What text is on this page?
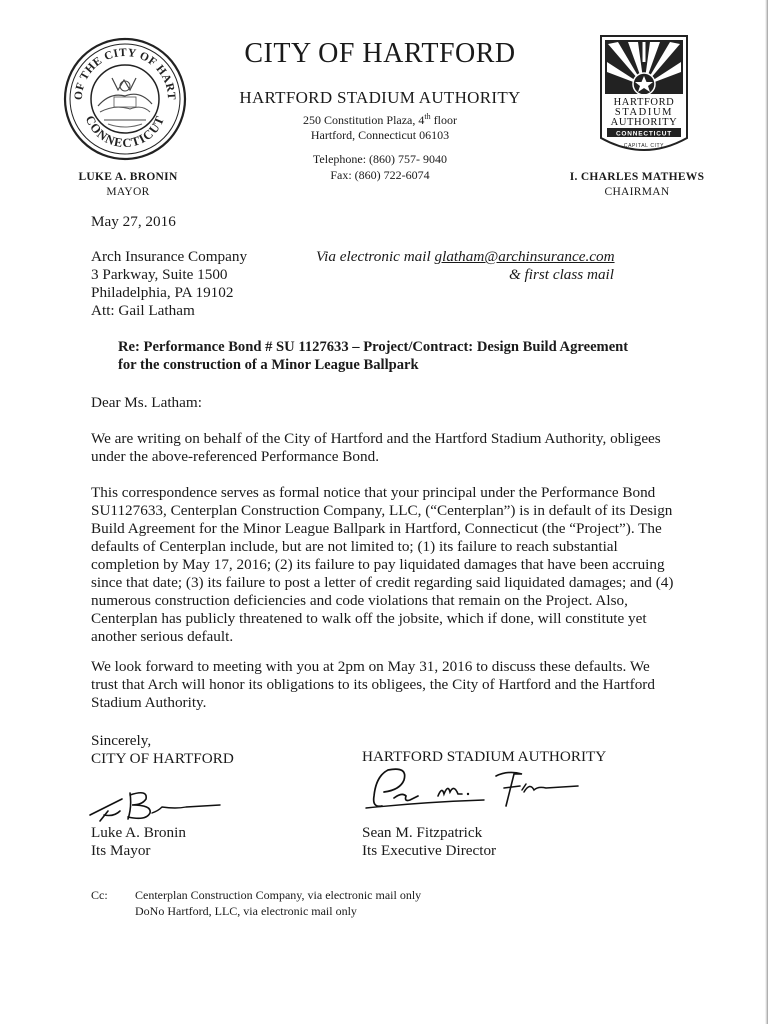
OF THE CITY OF HART
CONNECTICUT
HARTFORD
STADIUM
AUTHORITY
CONNECTICUT
CAPITAL CITY
CITY OF HARTFORD
HARTFORD STADIUM AUTHORITY
250 Constitution Plaza, 4th floor
Hartford, Connecticut 06103
Telephone: (860) 757- 9040
Fax: (860) 722-6074
LUKE A. BRONIN
MAYOR
I. CHARLES MATHEWS
CHAIRMAN
May 27, 2016
Arch Insurance Company
3 Parkway, Suite 1500
Philadelphia, PA 19102
Att: Gail Latham
Via electronic mail glatham@archinsurance.com
& first class mail
Re: Performance Bond # SU 1127633 – Project/Contract: Design Build Agreement
for the construction of a Minor League Ballpark
Dear Ms. Latham:
We are writing on behalf of the City of Hartford and the Hartford Stadium Authority, obligees
under the above-referenced Performance Bond.
This correspondence serves as formal notice that your principal under the Performance Bond
SU1127633, Centerplan Construction Company, LLC, (“Centerplan”) is in default of its Design
Build Agreement for the Minor League Ballpark in Hartford, Connecticut (the “Project”). The
defaults of Centerplan include, but are not limited to; (1) its failure to reach substantial
completion by May 17, 2016; (2) its failure to pay liquidated damages that have been accruing
since that date; (3) its failure to post a letter of credit regarding said liquidated damages; and (4)
numerous construction deficiencies and code violations that remain on the Project. Also,
Centerplan has publicly threatened to walk off the jobsite, which if done, will constitute yet
another serious default.
We look forward to meeting with you at 2pm on May 31, 2016 to discuss these defaults. We
trust that Arch will honor its obligations to its obligees, the City of Hartford and the Hartford
Stadium Authority.
Sincerely,
CITY OF HARTFORD	HARTFORD STADIUM AUTHORITY
Luke A. Bronin
Its Mayor
Sean M. Fitzpatrick
Its Executive Director
Cc: Centerplan Construction Company, via electronic mail only
DoNo Hartford, LLC, via electronic mail only
